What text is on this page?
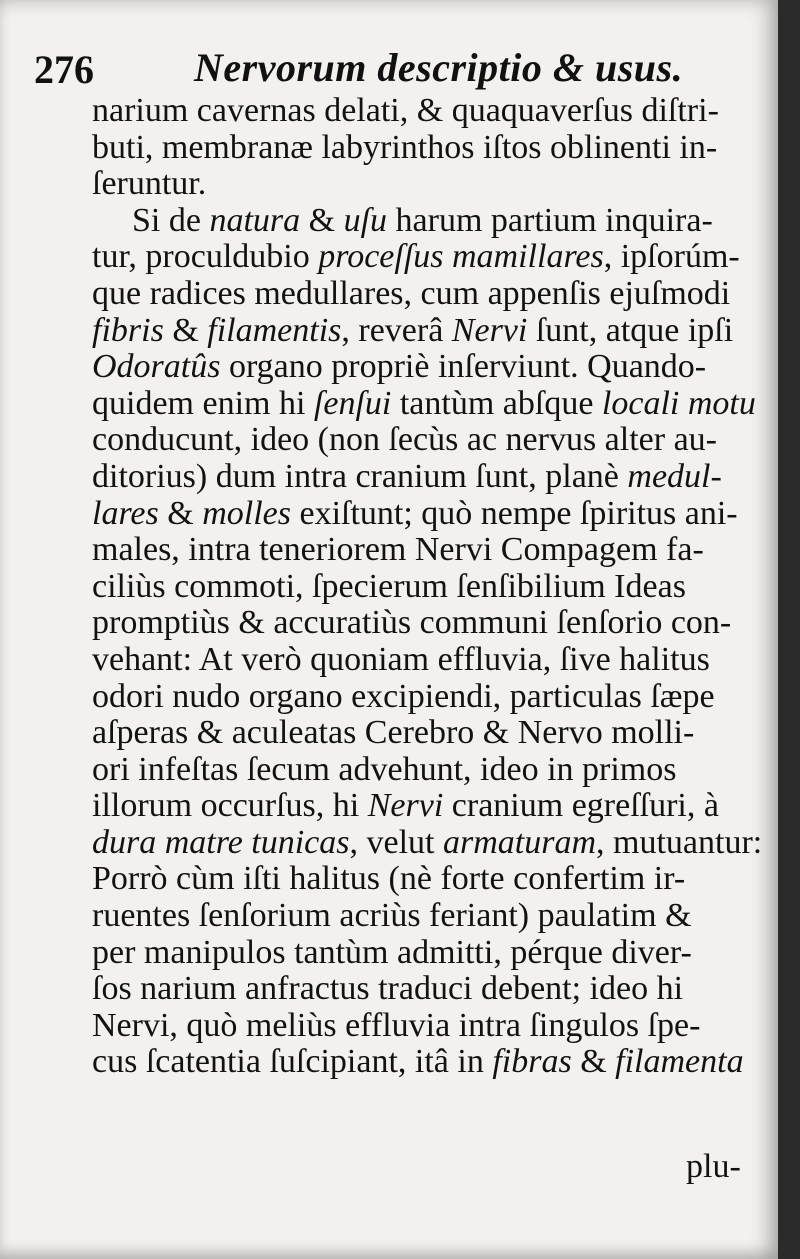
276	Nervorum descriptio & usus.
narium cavernas delati, & quaquaverſus diſtri-
buti, membranæ labyrinthos iſtos oblinenti in-
ſeruntur.
Si de natura & uſu harum partium inquira-
tur, proculdubio proceſſus mamillares, ipſorúm-
que radices medullares, cum appenſis ejuſmodi
fibris & filamentis, reverâ Nervi ſunt, atque ipſi
Odoratûs organo propriè inſerviunt. Quando-
quidem enim hi ſenſui tantùm abſque locali motu
conducunt, ideo (non ſecùs ac nervus alter au-
ditorius) dum intra cranium ſunt, planè medul-
lares & molles exiſtunt; quò nempe ſpiritus ani-
males, intra teneriorem Nervi Compagem fa-
ciliùs commoti, ſpecierum ſenſibilium Ideas
promptiùs & accuratiùs communi ſenſorio con-
vehant: At verò quoniam effluvia, ſive halitus
odori nudo organo excipiendi, particulas ſæpe
aſperas & aculeatas Cerebro & Nervo molli-
ori infeſtas ſecum advehunt, ideo in primos
illorum occurſus, hi Nervi cranium egreſſuri, à
dura matre tunicas, velut armaturam, mutuantur:
Porrò cùm iſti halitus (nè forte confertim ir-
ruentes ſenſorium acriùs feriant) paulatim &
per manipulos tantùm admitti, pérque diver-
ſos narium anfractus traduci debent; ideo hi
Nervi, quò meliùs effluvia intra ſingulos ſpe-
cus ſcatentia ſuſcipiant, itâ in fibras & filamenta
plu-
